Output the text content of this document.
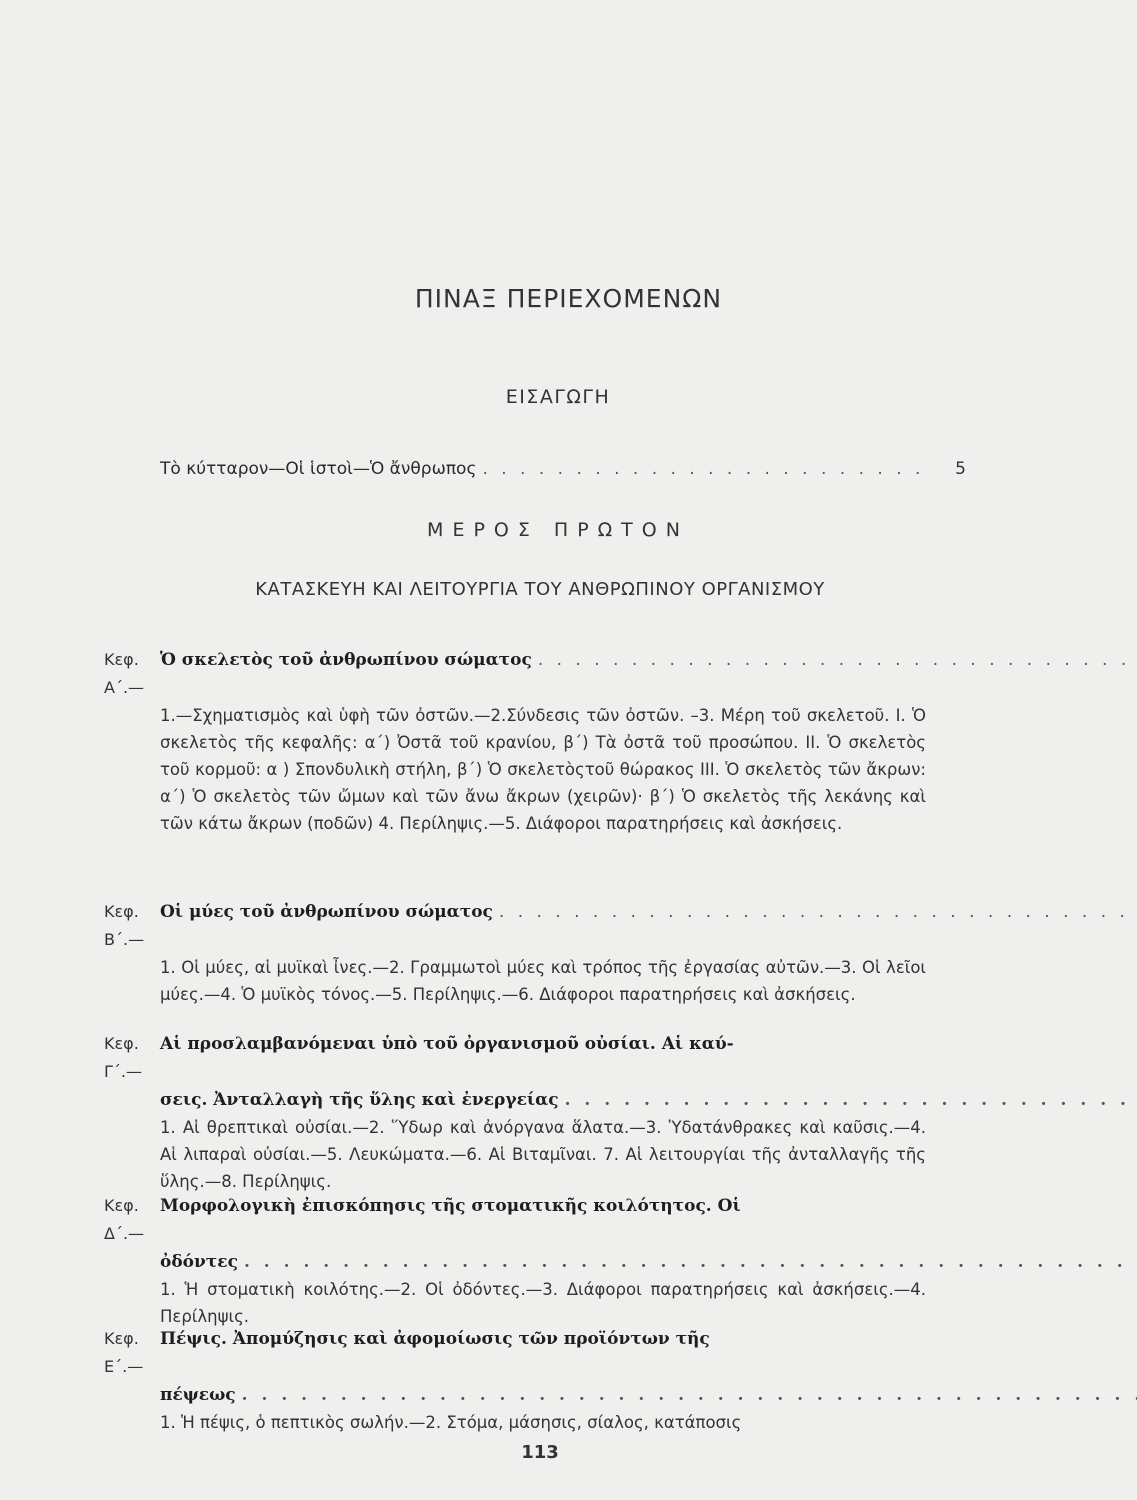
ΠΙΝΑΞ ΠΕΡΙΕΧΟΜΕΝΩΝ
ΕΙΣΑΓΩΓΗ
Τὸ κύτταρον—Οἱ ἱστοὶ—Ὁ ἄνθρωπος
. . .	5
ΜΕΡΟΣ ΠΡΩΤΟΝ
ΚΑΤΑΣΚΕΥΗ ΚΑΙ ΛΕΙΤΟΥΡΓΙΑ ΤΟΥ ΑΝΘΡΩΠΙΝΟΥ ΟΡΓΑΝΙΣΜΟΥ
Κεφ. Α΄.—
Ὁ σκελετὸς τοῦ ἀνθρωπίνου σώματος
. . .
1.—Σχηματισμὸς καὶ ὑφὴ τῶν ὀστῶν.—2.Σύνδεσις τῶν ὀστῶν. –3. Μέρη τοῦ σκελετοῦ. I. Ὁ σκελετὸς τῆς κεφαλῆς: α΄) Ὀστᾶ τοῦ κρανίου, β΄) Τὰ ὀστᾶ τοῦ προσώπου. II. Ὁ σκελετὸς τοῦ κορμοῦ: α ) Σπονδυλικὴ στήλη, β΄) Ὁ σκελετὸςτοῦ θώρακος III. Ὁ σκελετὸς τῶν ἄκρων: α΄) Ὁ σκελετὸς τῶν ὤμων καὶ τῶν ἄνω ἄκρων (χειρῶν)· β΄) Ὁ σκελετὸς τῆς λεκάνης καὶ τῶν κάτω ἄκρων (ποδῶν) 4. Περίληψις.—5. Διάφοροι παρατηρήσεις καὶ ἀσκήσεις.
Κεφ. Β΄.—
Οἱ μύες τοῦ ἀνθρωπίνου σώματος
. . .
1. Οἱ μύες, αἱ μυϊκαὶ ἶνες.—2. Γραμμωτοὶ μύες καὶ τρόπος τῆς ἐργασίας αὐτῶν.—3. Οἱ λεῖοι μύες.—4. Ὁ μυϊκὸς τόνος.—5. Περίληψις.—6. Διάφοροι παρατηρήσεις καὶ ἀσκήσεις.
Κεφ. Γ΄.—
Αἱ προσλαμβανόμεναι ὑπὸ τοῦ ὀργανισμοῦ οὐσίαι. Αἱ καύ-
σεις. Ἀνταλλαγὴ τῆς ὕλης καὶ ἐνεργείας
. . .
1. Αἱ θρεπτικαὶ οὐσίαι.—2. Ὕδωρ καὶ ἀνόργανα ἅλατα.—3. Ὑδατάνθρακες καὶ καῦσις.—4. Αἱ λιπαραὶ οὐσίαι.—5. Λευκώματα.—6. Αἱ Βιταμῖναι. 7. Αἱ λειτουργίαι τῆς ἀνταλλαγῆς τῆς ὕλης.—8. Περίληψις.
Κεφ. Δ΄.—
Μορφολογικὴ ἐπισκόπησις τῆς στοματικῆς κοιλότητος. Οἱ
ὀδόντες
. . .
1. Ἡ στοματικὴ κοιλότης.—2. Οἱ ὀδόντες.—3. Διάφοροι παρατηρήσεις καὶ ἀσκήσεις.—4. Περίληψις.
Κεφ. Ε΄.—
Πέψις. Ἀπομύζησις καὶ ἀφομοίωσις τῶν προϊόντων τῆς
πέψεως
. . .
1. Ἡ πέψις, ὁ πεπτικὸς σωλήν.—2. Στόμα, μάσησις, σίαλος, κατάποσις
113
